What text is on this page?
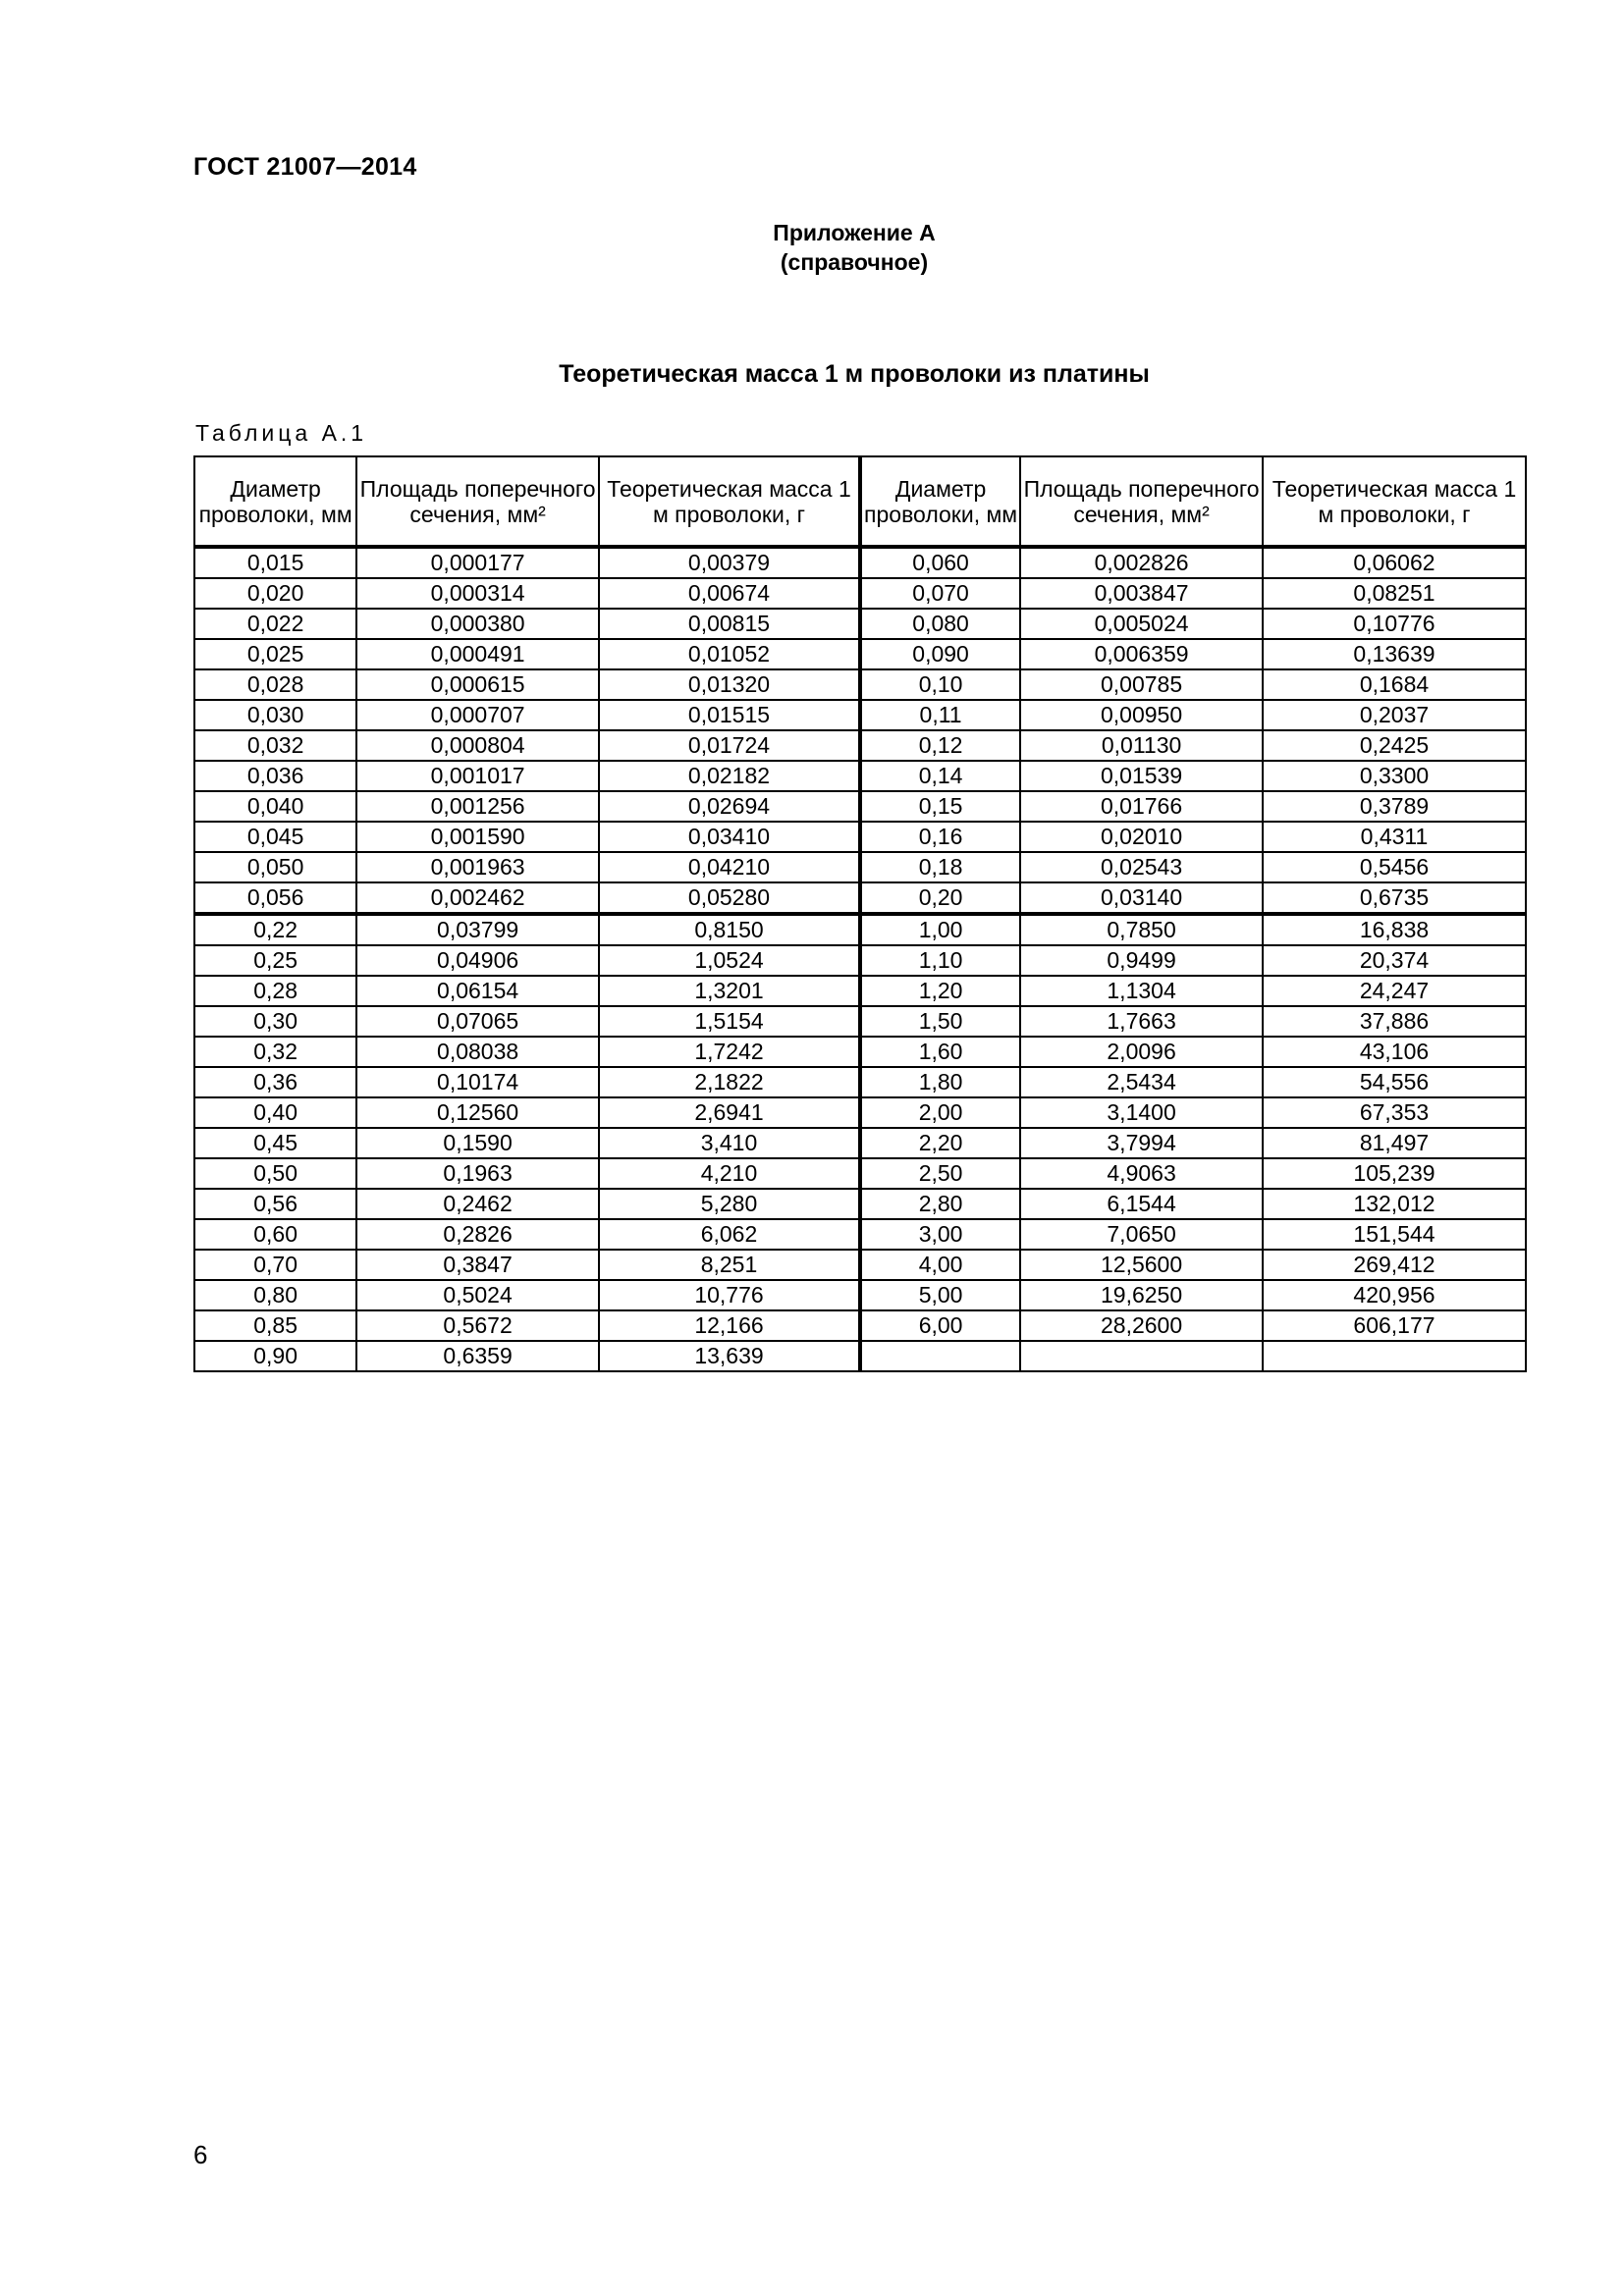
ГОСТ 21007—2014
Приложение А
(справочное)
Теоретическая масса 1 м проволоки из платины
Таблица А.1
Диаметр проволоки, мм	Площадь поперечного сечения, мм²	Теоретическая масса 1 м проволоки, г	Диаметр проволоки, мм	Площадь поперечного сечения, мм²	Теоретическая масса 1 м проволоки, г
0,015	0,000177	0,00379	0,060	0,002826	0,06062
0,020	0,000314	0,00674	0,070	0,003847	0,08251
0,022	0,000380	0,00815	0,080	0,005024	0,10776
0,025	0,000491	0,01052	0,090	0,006359	0,13639
0,028	0,000615	0,01320	0,10	0,00785	0,1684
0,030	0,000707	0,01515	0,11	0,00950	0,2037
0,032	0,000804	0,01724	0,12	0,01130	0,2425
0,036	0,001017	0,02182	0,14	0,01539	0,3300
0,040	0,001256	0,02694	0,15	0,01766	0,3789
0,045	0,001590	0,03410	0,16	0,02010	0,4311
0,050	0,001963	0,04210	0,18	0,02543	0,5456
0,056	0,002462	0,05280	0,20	0,03140	0,6735
0,22	0,03799	0,8150	1,00	0,7850	16,838
0,25	0,04906	1,0524	1,10	0,9499	20,374
0,28	0,06154	1,3201	1,20	1,1304	24,247
0,30	0,07065	1,5154	1,50	1,7663	37,886
0,32	0,08038	1,7242	1,60	2,0096	43,106
0,36	0,10174	2,1822	1,80	2,5434	54,556
0,40	0,12560	2,6941	2,00	3,1400	67,353
0,45	0,1590	3,410	2,20	3,7994	81,497
0,50	0,1963	4,210	2,50	4,9063	105,239
0,56	0,2462	5,280	2,80	6,1544	132,012
0,60	0,2826	6,062	3,00	7,0650	151,544
0,70	0,3847	8,251	4,00	12,5600	269,412
0,80	0,5024	10,776	5,00	19,6250	420,956
0,85	0,5672	12,166	6,00	28,2600	606,177
0,90	0,6359	13,639			
6
